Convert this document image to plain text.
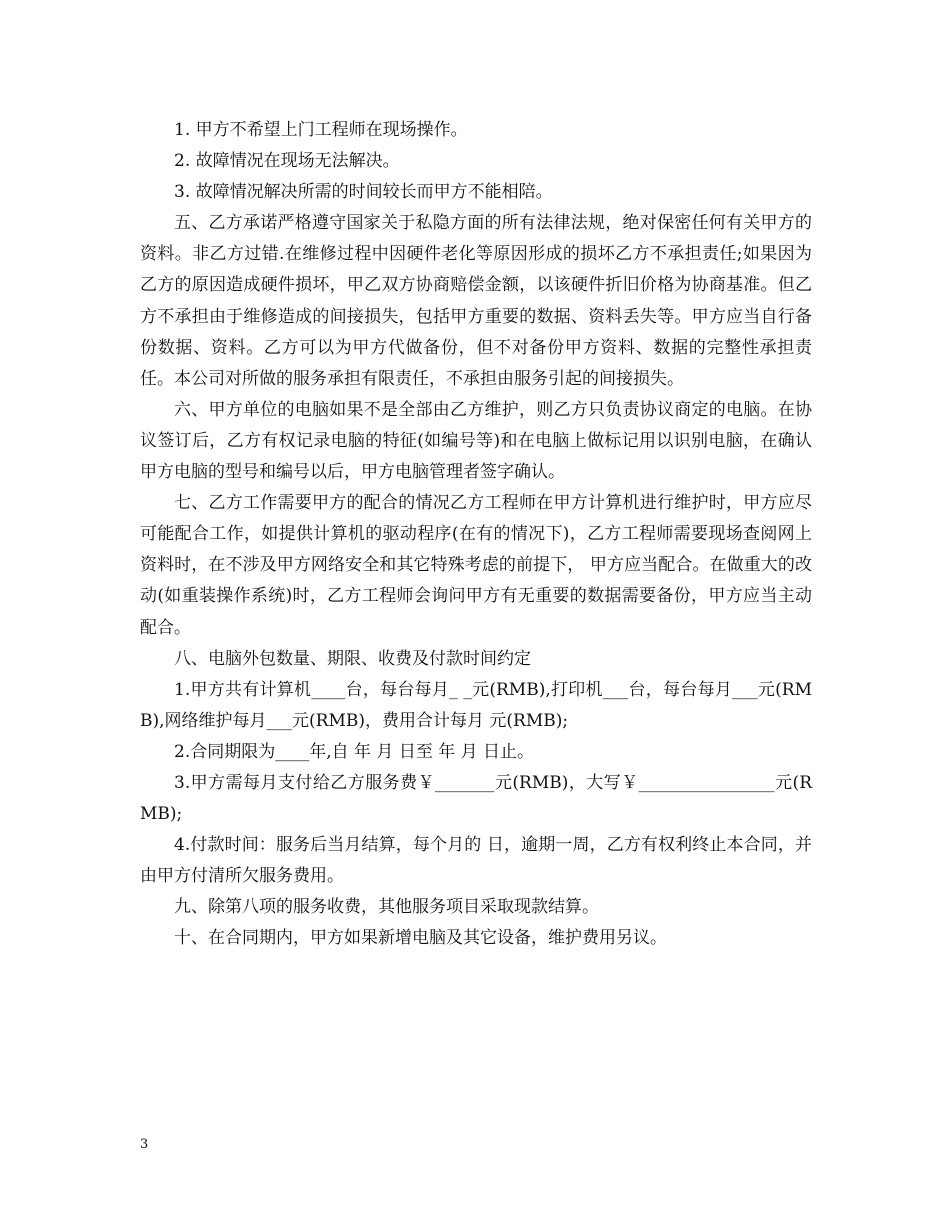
1. 甲方不希望上门工程师在现场操作。

2. 故障情况在现场无法解决。

3. 故障情况解决所需的时间较长而甲方不能相陪。

五、乙方承诺严格遵守国家关于私隐方面的所有法律法规，绝对保密任何有关甲方的资料。非乙方过错.在维修过程中因硬件老化等原因形成的损坏乙方不承担责任;如果因为乙方的原因造成硬件损坏，甲乙双方协商赔偿金额，以该硬件折旧价格为协商基准。但乙方不承担由于维修造成的间接损失，包括甲方重要的数据、资料丢失等。甲方应当自行备份数据、资料。乙方可以为甲方代做备份，但不对备份甲方资料、数据的完整性承担责任。本公司对所做的服务承担有限责任，不承担由服务引起的间接损失。

六、甲方单位的电脑如果不是全部由乙方维护，则乙方只负责协议商定的电脑。在协议签订后，乙方有权记录电脑的特征(如编号等)和在电脑上做标记用以识别电脑，在确认甲方电脑的型号和编号以后，甲方电脑管理者签字确认。

七、乙方工作需要甲方的配合的情况乙方工程师在甲方计算机进行维护时，甲方应尽可能配合工作，如提供计算机的驱动程序(在有的情况下)，乙方工程师需要现场查阅网上资料时，在不涉及甲方网络安全和其它特殊考虑的前提下， 甲方应当配合。在做重大的改动(如重装操作系统)时，乙方工程师会询问甲方有无重要的数据需要备份，甲方应当主动配合。

八、电脑外包数量、期限、收费及付款时间约定

1.甲方共有计算机____台，每台每月_ _元(RMB),打印机___台，每台每月___元(RMB),网络维护每月___元(RMB)，费用合计每月 元(RMB);

2.合同期限为____年,自 年 月 日至 年 月 日止。

3.甲方需每月支付给乙方服务费￥_______元(RMB)，大写￥________________元(RMB);

4.付款时间：服务后当月结算，每个月的 日，逾期一周，乙方有权利终止本合同，并由甲方付清所欠服务费用。

九、除第八项的服务收费，其他服务项目采取现款结算。

十、在合同期内，甲方如果新增电脑及其它设备，维护费用另议。

3
